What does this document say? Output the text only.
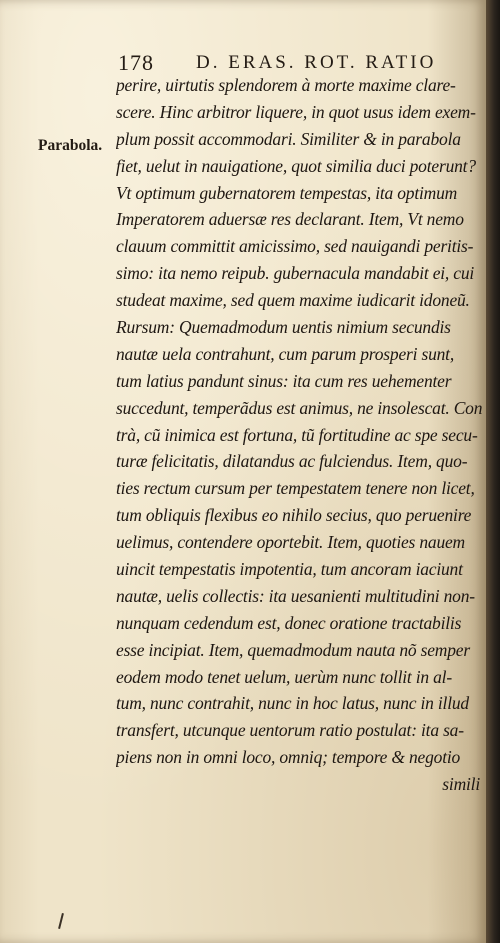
178 D. ERAS. ROT. RATIO
Parabola.
perire, uirtutis splendorem à morte maxime clare-
scere. Hinc arbitror liquere, in quot usus idem exem-
plum possit accommodari. Similiter & in parabola
fiet, uelut in nauigatione, quot similia duci poterunt?
Vt optimum gubernatorem tempestas, ita optimum
Imperatorem aduersæ res declarant. Item, Vt nemo
clauum committit amicissimo, sed nauigandi peritis-
simo: ita nemo reipub. gubernacula mandabit ei, cui
studeat maxime, sed quem maxime iudicarit idoneũ.
Rursum: Quemadmodum uentis nimium secundis
nautæ uela contrahunt, cum parum prosperi sunt,
tum latius pandunt sinus: ita cum res uehementer
succedunt, temperãdus est animus, ne insolescat. Con
trà, cũ inimica est fortuna, tũ fortitudine ac spe secu-
turæ felicitatis, dilatandus ac fulciendus. Item, quo-
ties rectum cursum per tempestatem tenere non licet,
tum obliquis flexibus eo nihilo secius, quo peruenire
uelimus, contendere oportebit. Item, quoties nauem
uincit tempestatis impotentia, tum ancoram iaciunt
nautæ, uelis collectis: ita uesanienti multitudini non-
nunquam cedendum est, donec oratione tractabilis
esse incipiat. Item, quemadmodum nauta nõ semper
eodem modo tenet uelum, uerùm nunc tollit in al-
tum, nunc contrahit, nunc in hoc latus, nunc in illud
transfert, utcunque uentorum ratio postulat: ita sa-
piens non in omni loco, omniq; tempore & negotio
simili
